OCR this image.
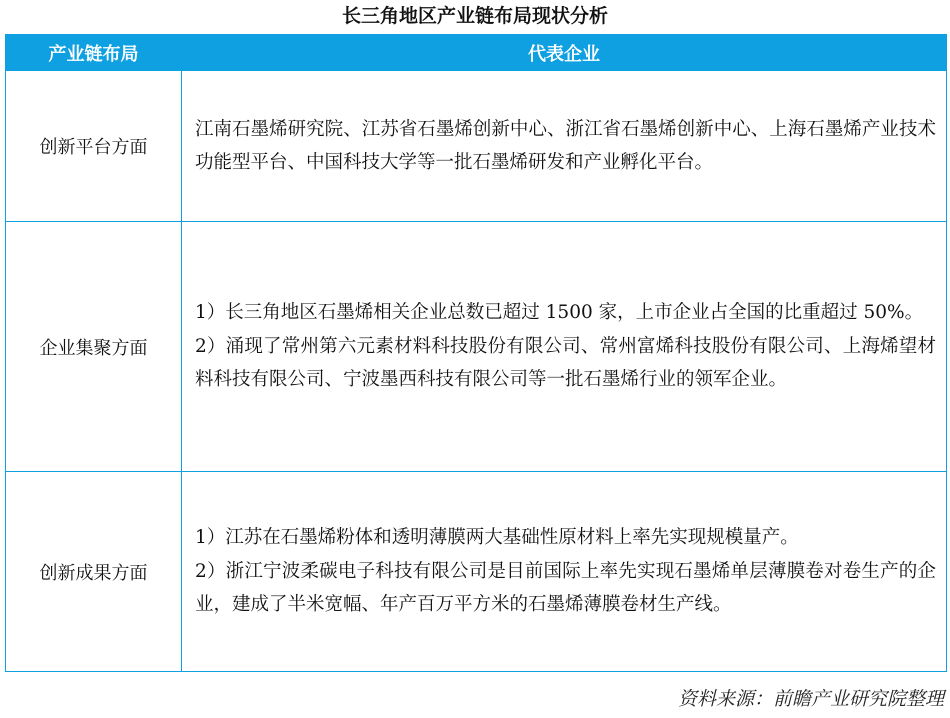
长三角地区产业链布局现状分析
产业链布局	代表企业
创新平台方面	江南石墨烯研究院、江苏省石墨烯创新中心、浙江省石墨烯创新中心、上海石墨烯产业技术功能型平台、中国科技大学等一批石墨烯研发和产业孵化平台。

企业集聚方面	1）长三角地区石墨烯相关企业总数已超过 1500 家，上市企业占全国的比重超过 50%。

2）涌现了常州第六元素材料科技股份有限公司、常州富烯科技股份有限公司、上海烯望材料科技有限公司、宁波墨西科技有限公司等一批石墨烯行业的领军企业。

创新成果方面	1）江苏在石墨烯粉体和透明薄膜两大基础性原材料上率先实现规模量产。

2）浙江宁波柔碳电子科技有限公司是目前国际上率先实现石墨烯单层薄膜卷对卷生产的企业，建成了半米宽幅、年产百万平方米的石墨烯薄膜卷材生产线。

资料来源：前瞻产业研究院整理
